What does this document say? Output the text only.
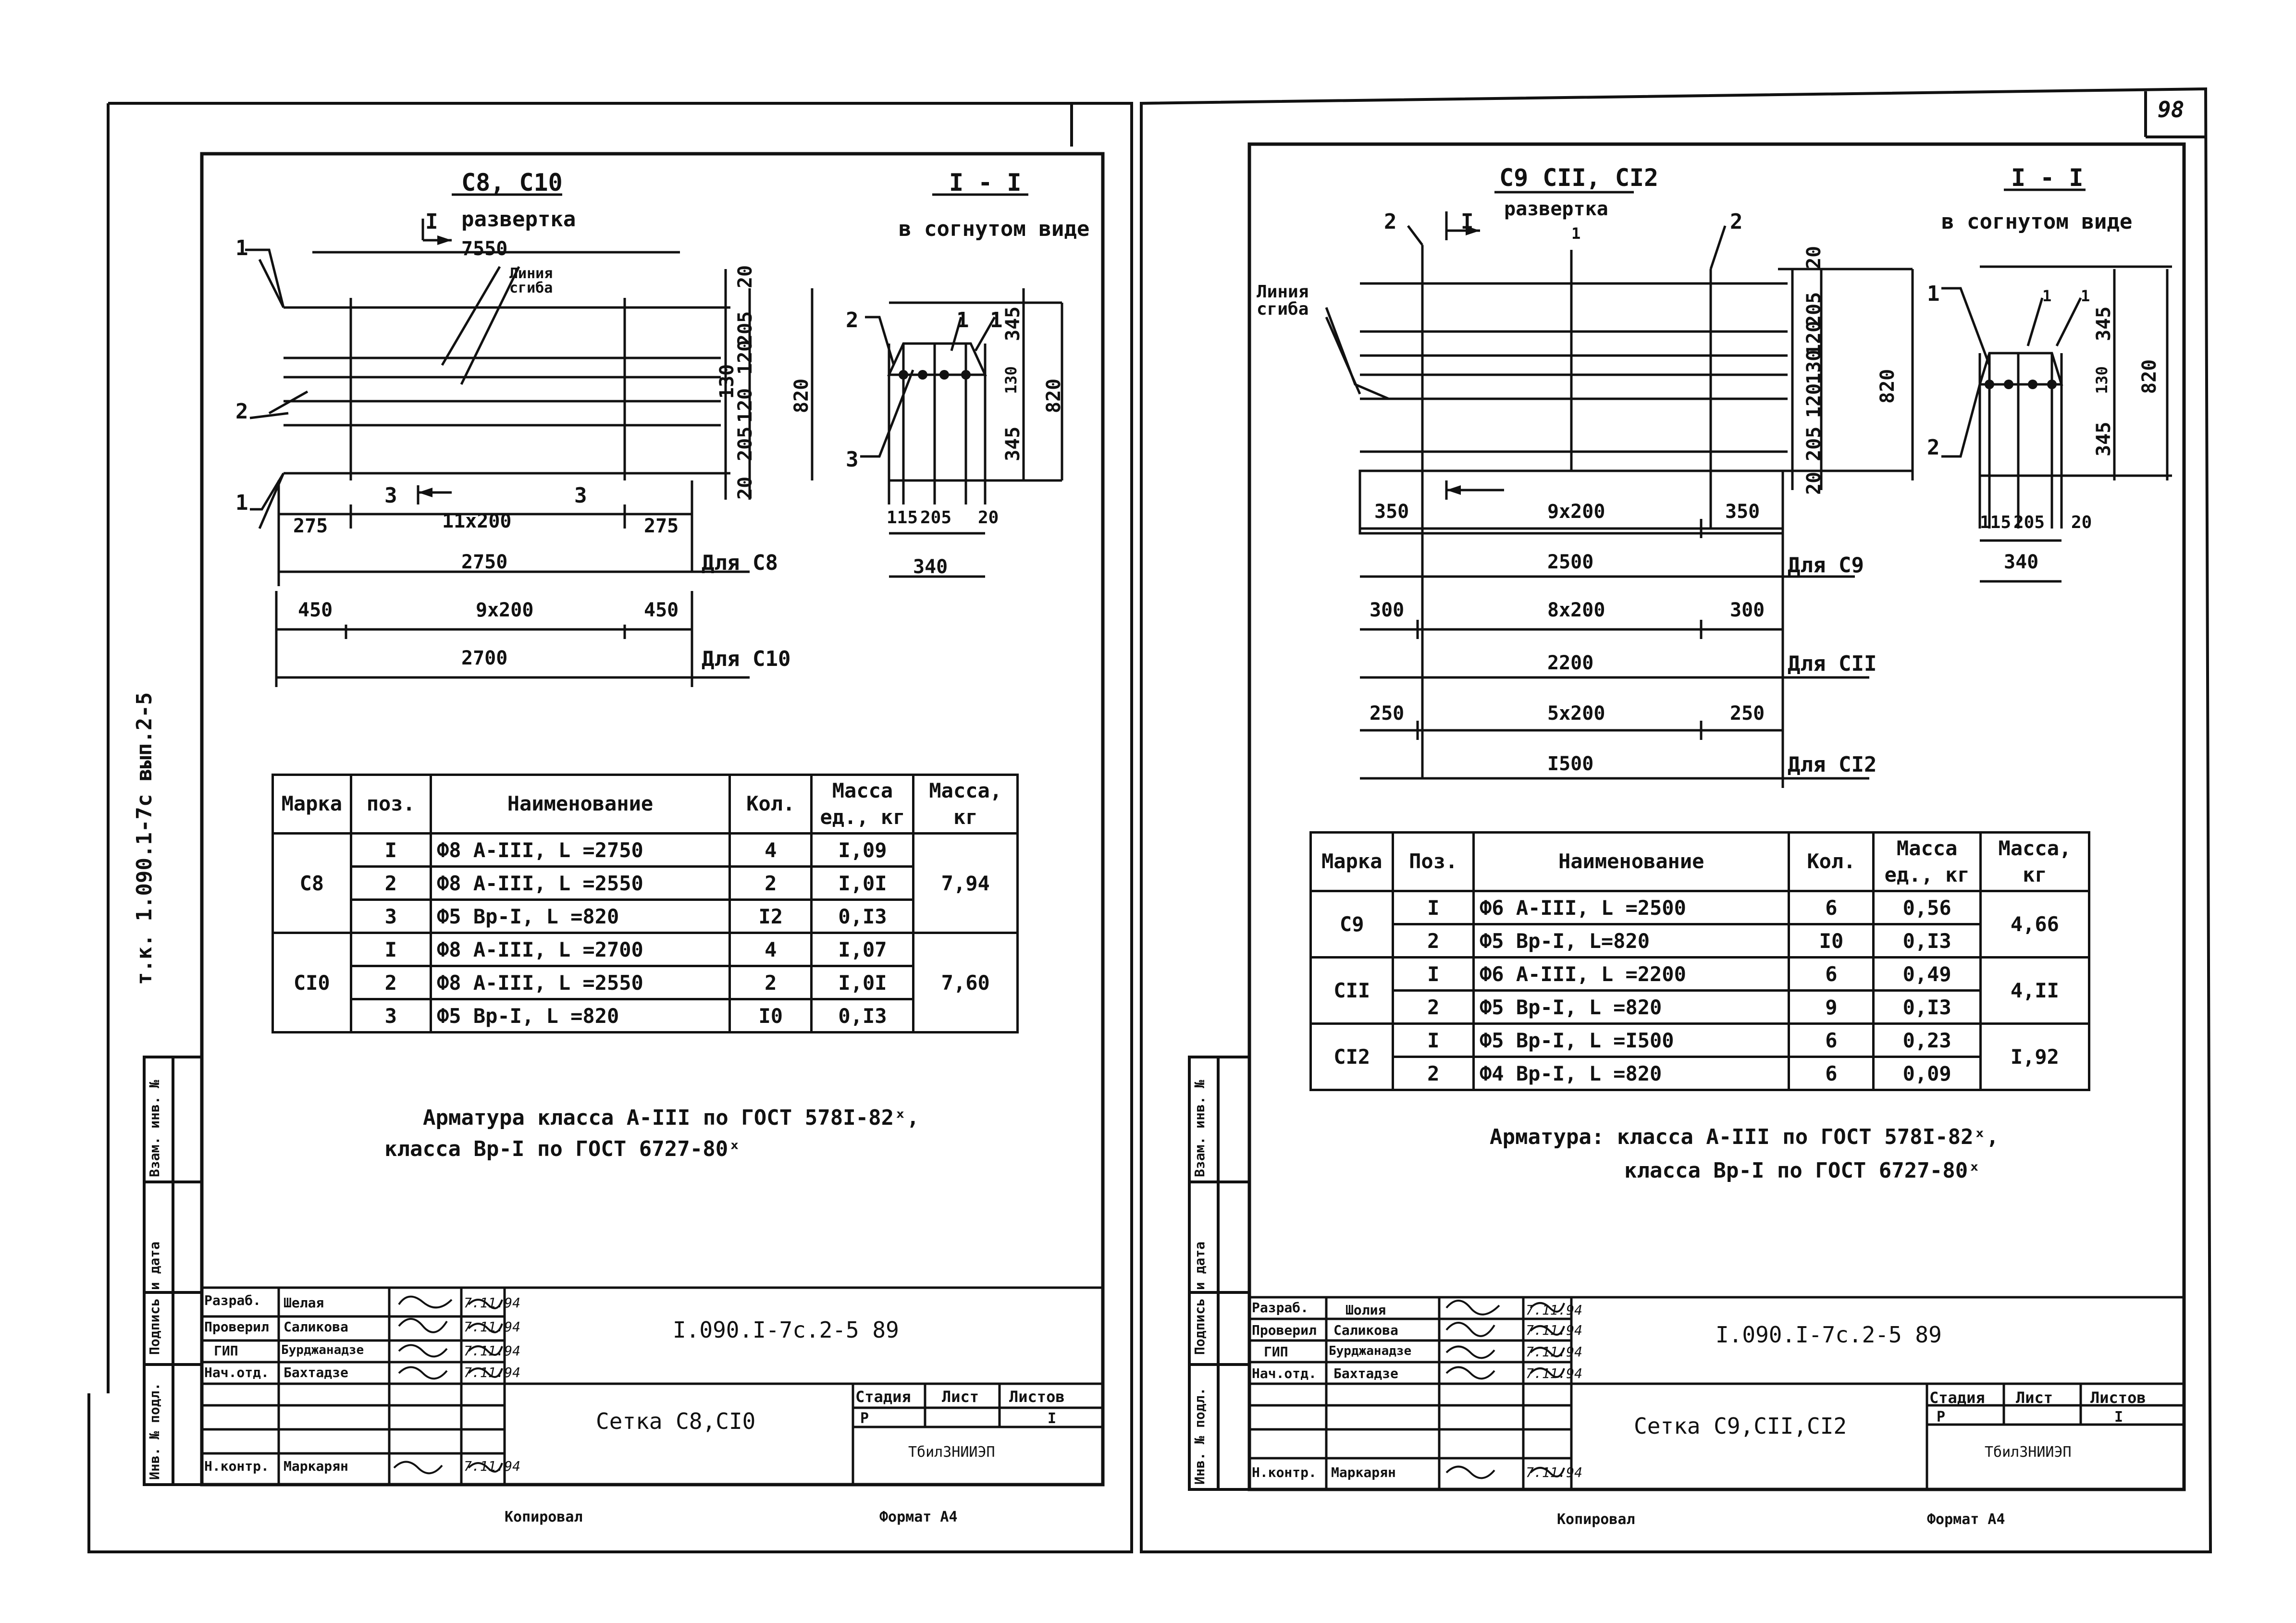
98
т.к. 1.090.1-7с вып.2-5
Инв. № подл.
Подпись и дата
Взам. инв. №
Инв. № подл.
Подпись и дата
Взам. инв. №
С8, С10
I развертка
I - I
в согнутом виде
Линия сгиба
7550
1
2
1	3	3
20
205
120
130
120
205
20
820
275	11x200	275
2750	Для С8
450	9x200	450
2700	Для С10
2	1 1
3
345
130
345
820
115 205 20
340
Марка	поз.	Наименование	Кол.	Масса ед., кг	Масса, кг
С8	I	Ф8 А-III, L =2750	4	I,09	7,94
	2	Ф8 А-III, L =2550	2	I,0I	
	3	Ф5 Вр-I, L =820	I2	0,I3	
СI0	I	Ф8 А-III, L =2700	4	I,07	7,60
	2	Ф8 А-III, L =2550	2	I,0I	
	3	Ф5 Вр-I, L =820	I0	0,I3	
Арматура класса А-III по ГОСТ 578I-82ˣ,
класса Вр-I по ГОСТ 6727-80ˣ
I.090.I-7с.2-5 89
Сетка С8,СI0
Стадия Лист Листов
Р	I
ТбилЗНИИЭП
Копировал	Формат А4
С9 СII, СI2
развертка
I
I - I
в согнутом виде
Линия сгиба
2	1	2
20
205
120
130
120
205
20
820
350	9x200	350
2500	Для С9
300	8x200	300
2200	Для СII
250	5x200	250
I500	Для СI2
1	1 1
2
345
130
345
820
115 205 20
340
Марка	Поз.	Наименование	Кол.	Масса ед., кг	Масса, кг
С9	I	Ф6 А-III, L =2500	6	0,56	4,66
	2	Ф5 Вр-I, L=820	I0	0,I3	
СII	I	Ф6 А-III, L =2200	6	0,49	4,II
	2	Ф5 Вр-I, L =820	9	0,I3	
СI2	I	Ф5 Вр-I, L =I500	6	0,23	I,92
	2	Ф4 Вр-I, L =820	6	0,09	
Арматура: класса А-III по ГОСТ 578I-82ˣ,
класса Вр-I по ГОСТ 6727-80ˣ
I.090.I-7с.2-5 89
Сетка С9,СII,СI2
Стадия Лист Листов
Р	I
ТбилЗНИИЭП
Копировал	Формат А4
Разраб. Шелая	7.11.94
Проверил Саликова	7.11.94
ГИП	Бурджанадзе	7.11.94
Нач.отд. Бахтадзе	7.11.94
Н.контр. Маркарян	7.11.94
Разраб.	Шолия	7.11.94
Проверил Саликова	7.11.94
ГИП	Бурджанадзе	7.11.94
Нач.отд. Бахтадзе	7.11.94
Н.контр. Маркарян	7.11.94
